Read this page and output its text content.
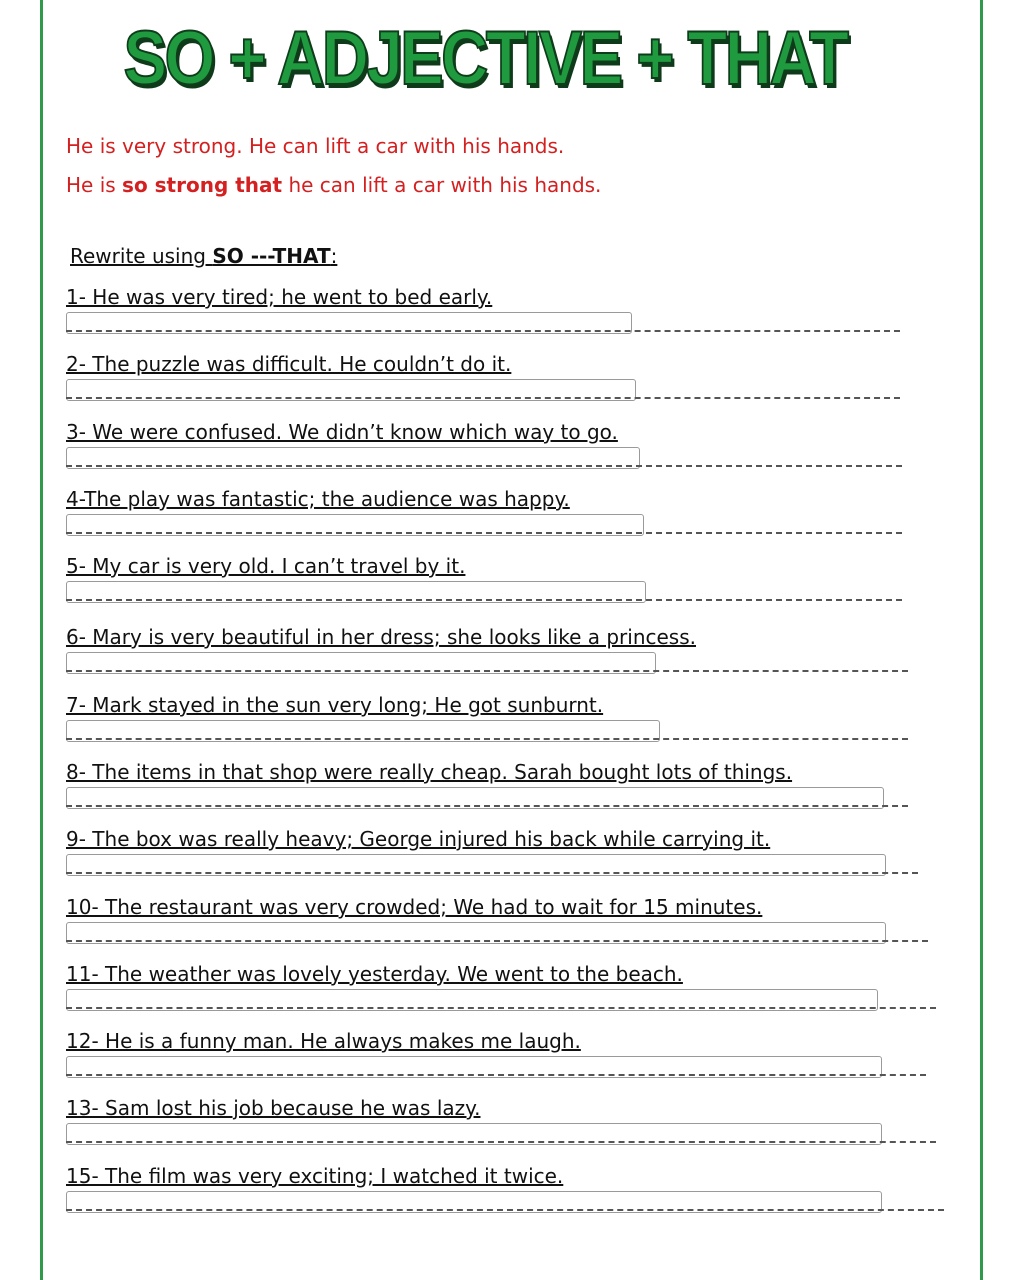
SO + ADJECTIVE + THAT
He is very strong. He can lift a car with his hands.
He is so strong that he can lift a car with his hands.
Rewrite using SO ---THAT:
1- He was very tired; he went to bed early.
2- The puzzle was difficult. He couldn’t do it.
3- We were confused. We didn’t know which way to go.
4-The play was fantastic; the audience was happy.
5- My car is very old. I can’t travel by it.
6- Mary is very beautiful in her dress; she looks like a princess.
7- Mark stayed in the sun very long; He got sunburnt.
8- The items in that shop were really cheap. Sarah bought lots of things.
9- The box was really heavy; George injured his back while carrying it.
10- The restaurant was very crowded; We had to wait for 15 minutes.
11- The weather was lovely yesterday. We went to the beach.
12- He is a funny man. He always makes me laugh.
13- Sam lost his job because he was lazy.
15- The film was very exciting; I watched it twice.
